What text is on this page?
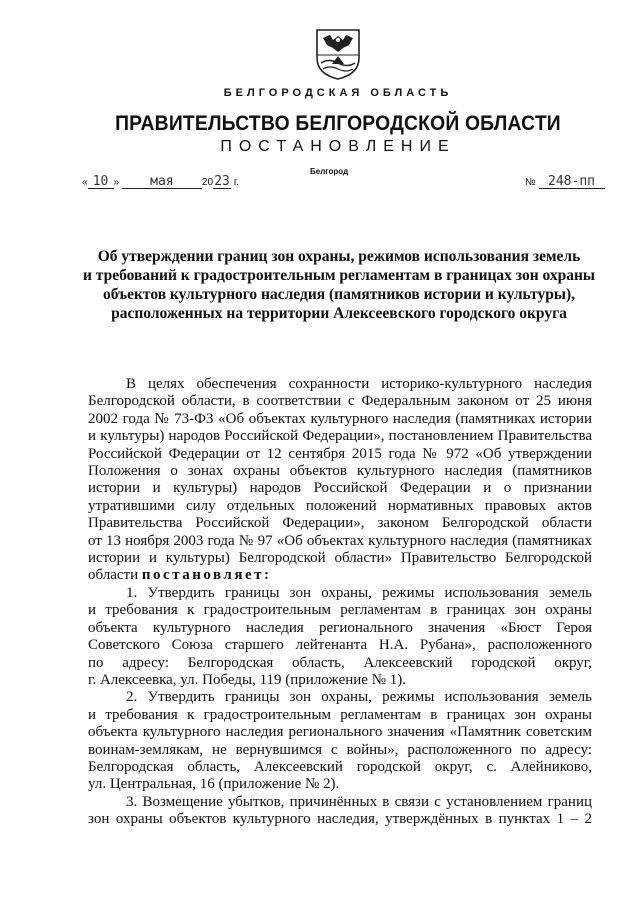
БЕЛГОРОДСКАЯ ОБЛАСТЬ
ПРАВИТЕЛЬСТВО БЕЛГОРОДСКОЙ ОБЛАСТИ
ПОСТАНОВЛЕНИЕ
Белгород
« 10 » мая	2023 г.	№ 248-пп
Об утверждении границ зон охраны, режимов использования земель
и требований к градостроительным регламентам в границах зон охраны
объектов культурного наследия (памятников истории и культуры),
расположенных на территории Алексеевского городского округа
В целях обеспечения сохранности историко-культурного наследия
Белгородской области, в соответствии с Федеральным законом от 25 июня
2002 года № 73-ФЗ «Об объектах культурного наследия (памятниках истории
и культуры) народов Российской Федерации», постановлением Правительства
Российской Федерации от 12 сентября 2015 года № 972 «Об утверждении
Положения о зонах охраны объектов культурного наследия (памятников
истории и культуры) народов Российской Федерации и о признании
утратившими силу отдельных положений нормативных правовых актов
Правительства Российской Федерации», законом Белгородской области
от 13 ноября 2003 года № 97 «Об объектах культурного наследия (памятниках
истории и культуры) Белгородской области» Правительство Белгородской
области постановляет:
1. Утвердить границы зон охраны, режимы использования земель
и требования к градостроительным регламентам в границах зон охраны
объекта культурного наследия регионального значения «Бюст Героя
Советского Союза старшего лейтенанта Н.А. Рубана», расположенного
по адресу: Белгородская область, Алексеевский городской округ,
г. Алексеевка, ул. Победы, 119 (приложение № 1).
2. Утвердить границы зон охраны, режимы использования земель
и требования к градостроительным регламентам в границах зон охраны
объекта культурного наследия регионального значения «Памятник советским
воинам-землякам, не вернувшимся с войны», расположенного по адресу:
Белгородская область, Алексеевский городской округ, с. Алейниково,
ул. Центральная, 16 (приложение № 2).
3. Возмещение убытков, причинённых в связи с установлением границ
зон охраны объектов культурного наследия, утверждённых в пунктах 1 – 2
